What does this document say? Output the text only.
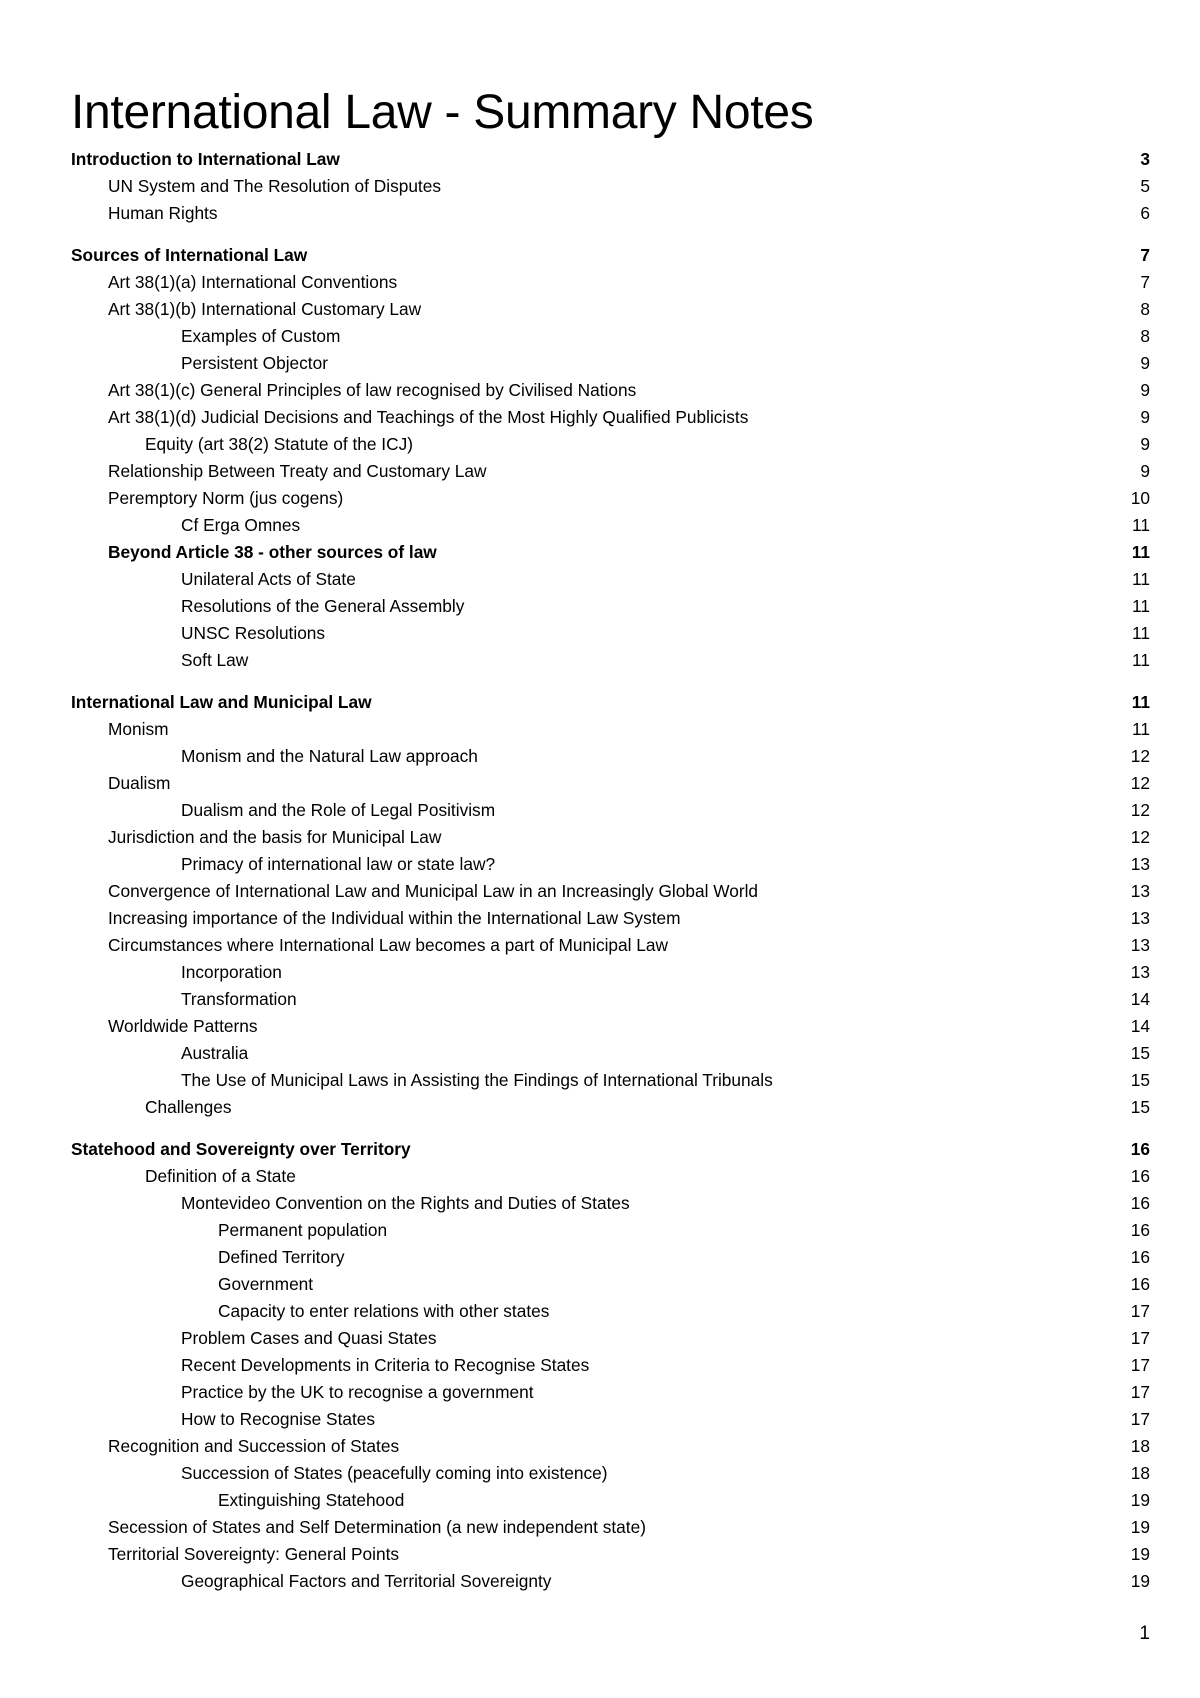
International Law - Summary Notes
Introduction to International Law	3
UN System and The Resolution of Disputes	5
Human Rights	6
Sources of International Law	7
Art 38(1)(a) International Conventions	7
Art 38(1)(b) International Customary Law	8
Examples of Custom	8
Persistent Objector	9
Art 38(1)(c) General Principles of law recognised by Civilised Nations	9
Art 38(1)(d) Judicial Decisions and Teachings of the Most Highly Qualified Publicists	9
Equity (art 38(2) Statute of the ICJ)	9
Relationship Between Treaty and Customary Law	9
Peremptory Norm (jus cogens)	10
Cf Erga Omnes	11
Beyond Article 38 - other sources of law	11
Unilateral Acts of State	11
Resolutions of the General Assembly	11
UNSC Resolutions	11
Soft Law	11
International Law and Municipal Law	11
Monism	11
Monism and the Natural Law approach	12
Dualism	12
Dualism and the Role of Legal Positivism	12
Jurisdiction and the basis for Municipal Law	12
Primacy of international law or state law?	13
Convergence of International Law and Municipal Law in an Increasingly Global World	13
Increasing importance of the Individual within the International Law System	13
Circumstances where International Law becomes a part of Municipal Law	13
Incorporation	13
Transformation	14
Worldwide Patterns	14
Australia	15
The Use of Municipal Laws in Assisting the Findings of International Tribunals	15
Challenges	15
Statehood and Sovereignty over Territory	16
Definition of a State	16
Montevideo Convention on the Rights and Duties of States	16
Permanent population	16
Defined Territory	16
Government	16
Capacity to enter relations with other states	17
Problem Cases and Quasi States	17
Recent Developments in Criteria to Recognise States	17
Practice by the UK to recognise a government	17
How to Recognise States	17
Recognition and Succession of States	18
Succession of States (peacefully coming into existence)	18
Extinguishing Statehood	19
Secession of States and Self Determination (a new independent state)	19
Territorial Sovereignty: General Points	19
Geographical Factors and Territorial Sovereignty	19
1
